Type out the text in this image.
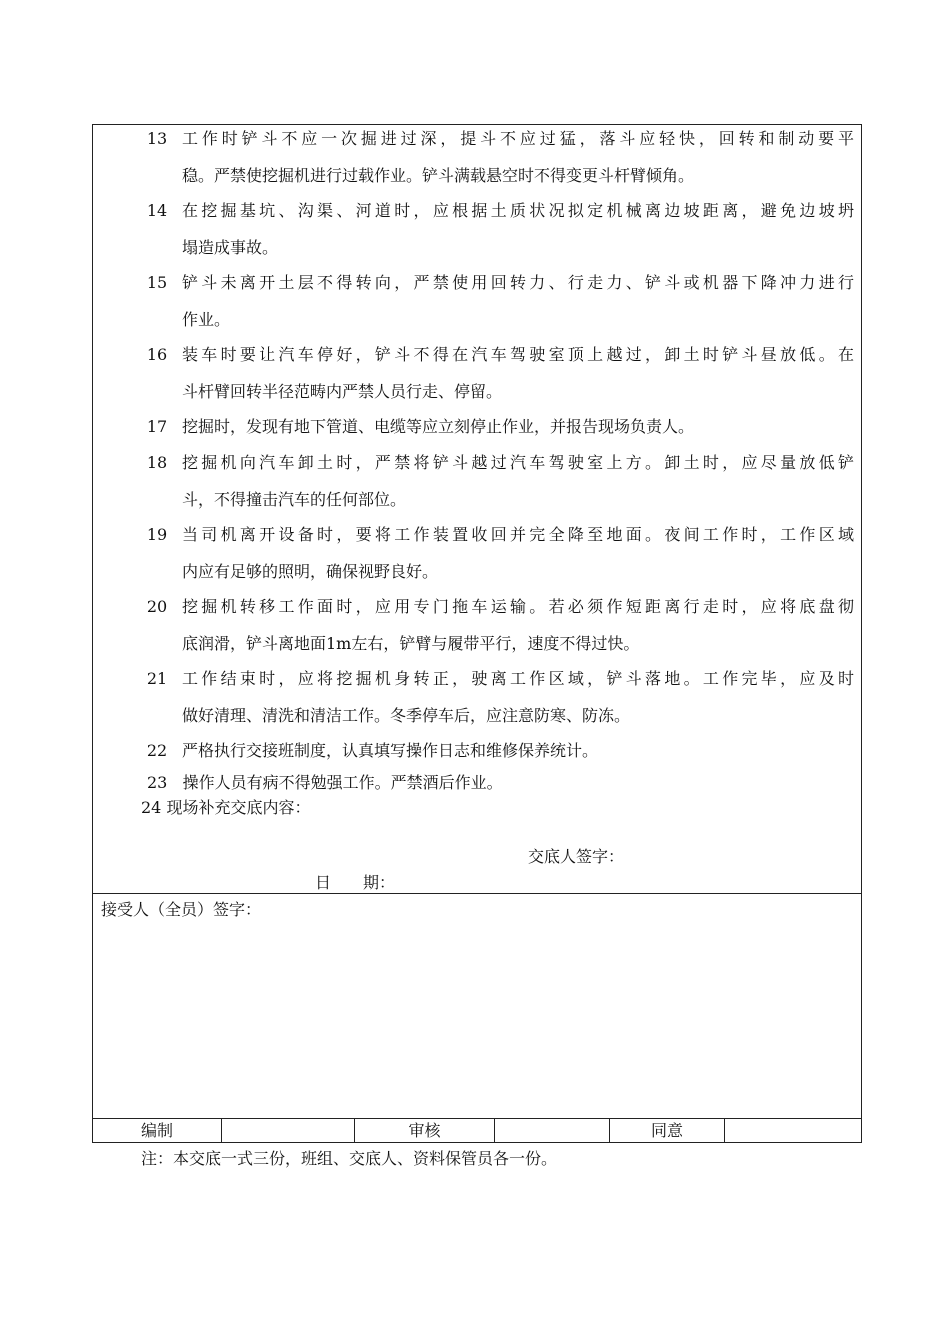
13 工作时铲斗不应一次掘进过深，提斗不应过猛，落斗应轻快，回转和制动要平
稳。严禁使挖掘机进行过载作业。铲斗满载悬空时不得变更斗杆臂倾角。
14 在挖掘基坑、沟渠、河道时，应根据土质状况拟定机械离边坡距离，避免边坡坍
塌造成事故。
15 铲斗未离开土层不得转向，严禁使用回转力、行走力、铲斗或机器下降冲力进行
作业。
16 装车时要让汽车停好，铲斗不得在汽车驾驶室顶上越过，卸土时铲斗昼放低。在
斗杆臂回转半径范畴内严禁人员行走、停留。
17 挖掘时，发现有地下管道、电缆等应立刻停止作业，并报告现场负责人。
18 挖掘机向汽车卸土时，严禁将铲斗越过汽车驾驶室上方。卸土时，应尽量放低铲
斗，不得撞击汽车的任何部位。
19 当司机离开设备时，要将工作装置收回并完全降至地面。夜间工作时，工作区域
内应有足够的照明，确保视野良好。
20 挖掘机转移工作面时，应用专门拖车运输。若必须作短距离行走时，应将底盘彻
底润滑，铲斗离地面1m左右，铲臂与履带平行，速度不得过快。
21 工作结束时，应将挖掘机身转正，驶离工作区域，铲斗落地。工作完毕，应及时
做好清理、清洗和清洁工作。冬季停车后，应注意防寒、防冻。
22 严格执行交接班制度，认真填写操作日志和维修保养统计。
23 操作人员有病不得勉强工作。严禁酒后作业。
24 现场补充交底内容：
交底人签字：
日　　期：
接受人（全员）签字：
编制	审核	同意
注：本交底一式三份，班组、交底人、资料保管员各一份。
